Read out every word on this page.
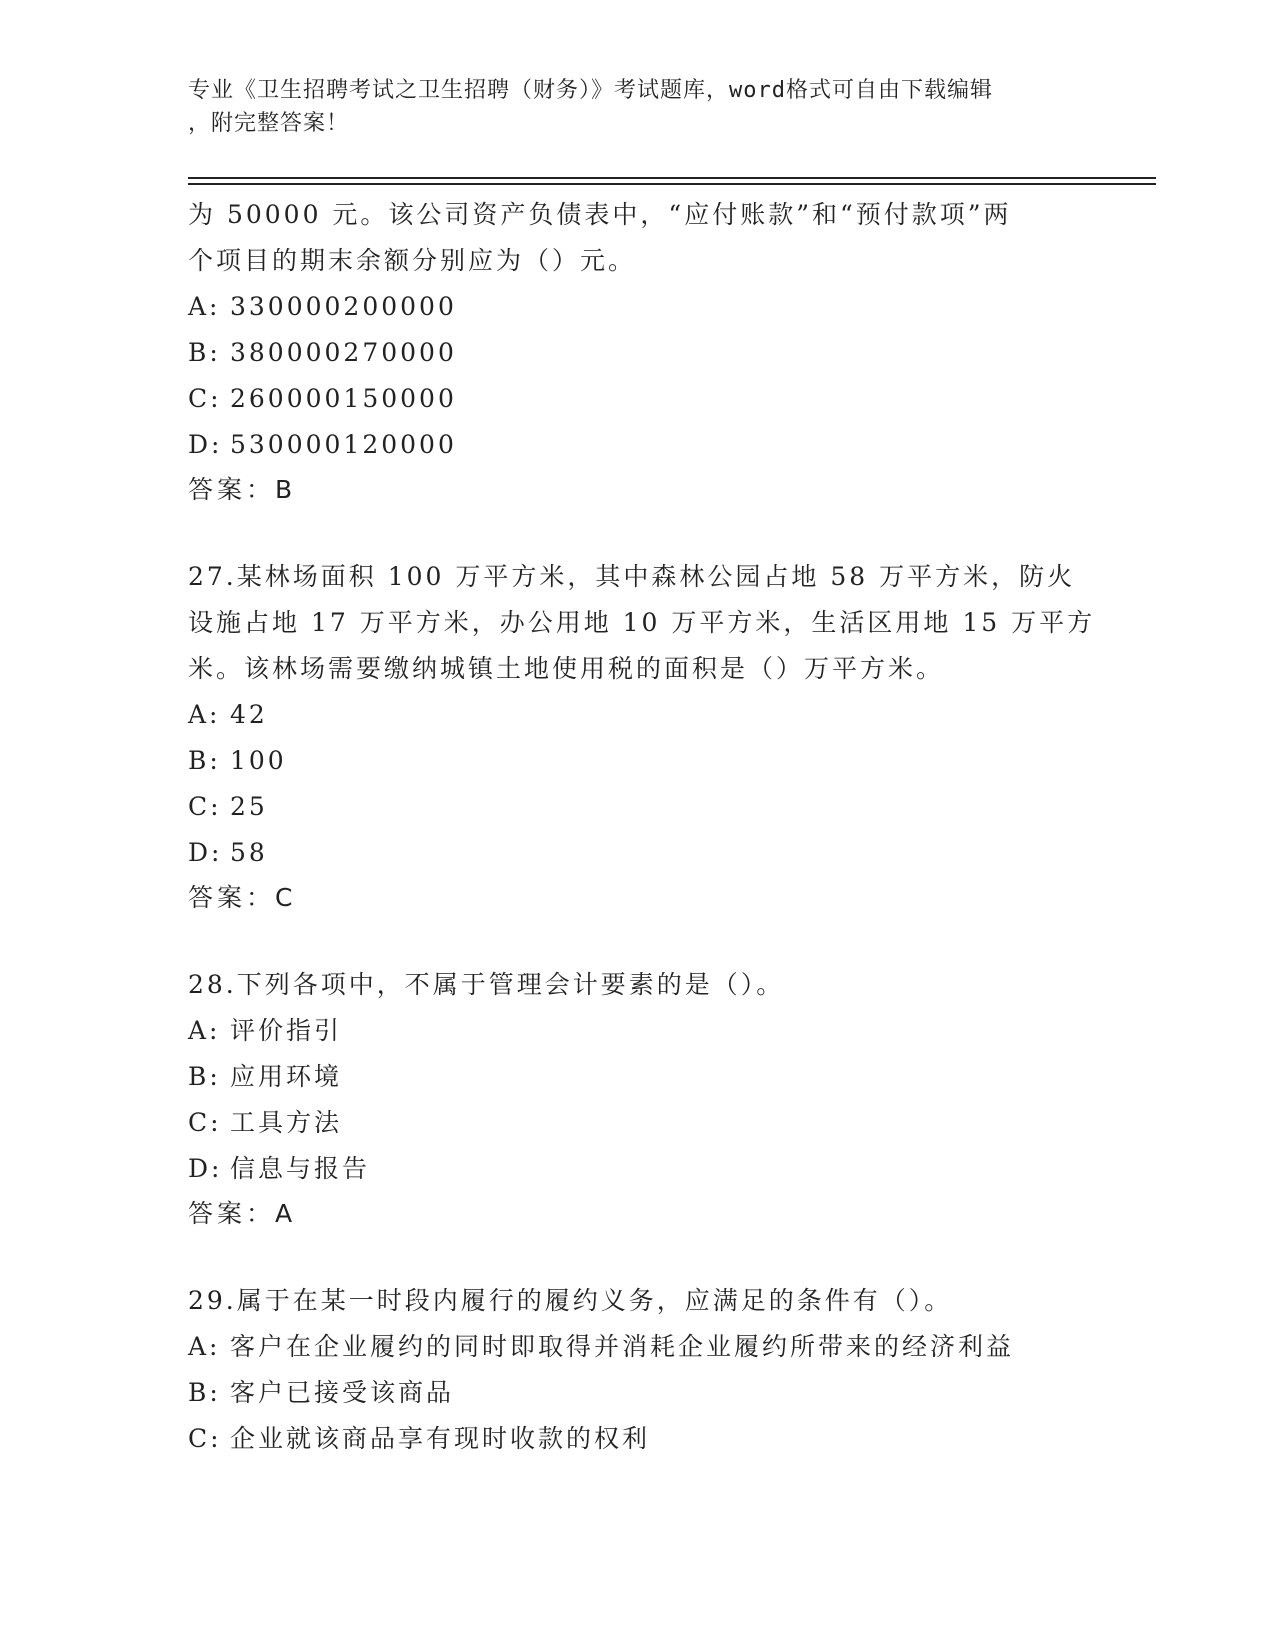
专业《卫生招聘考试之卫生招聘（财务）》考试题库，word格式可自由下载编辑
，附完整答案！
为 50000 元。该公司资产负债表中，“应付账款”和“预付款项”两
个项目的期末余额分别应为（）元。
A: 330000200000
B: 380000270000
C: 260000150000
D: 530000120000
答案：B
27.某林场面积 100 万平方米，其中森林公园占地 58 万平方米，防火
设施占地 17 万平方米，办公用地 10 万平方米，生活区用地 15 万平方
米。该林场需要缴纳城镇土地使用税的面积是（）万平方米。
A: 42
B: 100
C: 25
D: 58
答案：C
28.下列各项中，不属于管理会计要素的是（）。
A: 评价指引
B: 应用环境
C: 工具方法
D: 信息与报告
答案：A
29.属于在某一时段内履行的履约义务，应满足的条件有（）。
A: 客户在企业履约的同时即取得并消耗企业履约所带来的经济利益
B: 客户已接受该商品
C: 企业就该商品享有现时收款的权利
